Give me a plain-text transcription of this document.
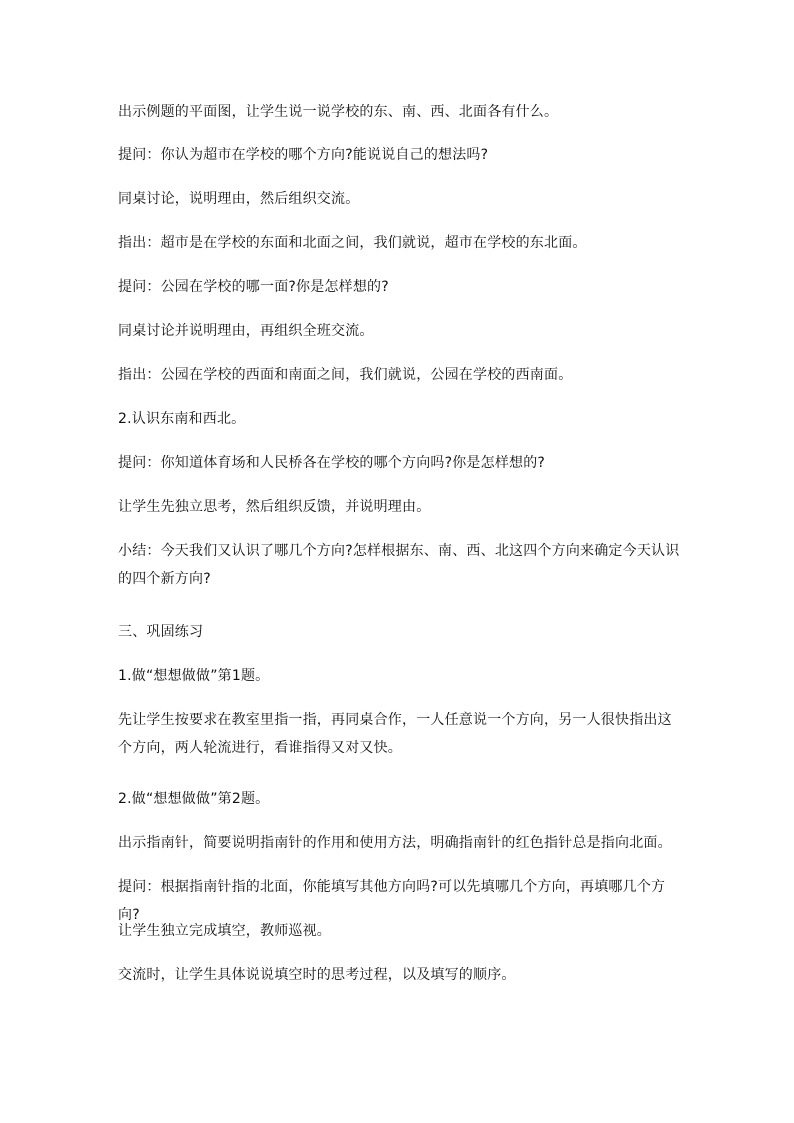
出示例题的平面图，让学生说一说学校的东、南、西、北面各有什么。

提问：你认为超市在学校的哪个方向?能说说自己的想法吗?

同桌讨论，说明理由，然后组织交流。

指出：超市是在学校的东面和北面之间，我们就说，超市在学校的东北面。

提问：公园在学校的哪一面?你是怎样想的?

同桌讨论并说明理由，再组织全班交流。

指出：公园在学校的西面和南面之间，我们就说，公园在学校的西南面。

2.认识东南和西北。

提问：你知道体育场和人民桥各在学校的哪个方向吗?你是怎样想的?

让学生先独立思考，然后组织反馈，并说明理由。

小结：今天我们又认识了哪几个方向?怎样根据东、南、西、北这四个方向来确定今天认识的四个新方向?

三、巩固练习

1.做“想想做做”第1题。

先让学生按要求在教室里指一指，再同桌合作，一人任意说一个方向，另一人很快指出这个方向，两人轮流进行，看谁指得又对又快。

2.做“想想做做”第2题。

出示指南针，简要说明指南针的作用和使用方法，明确指南针的红色指针总是指向北面。

提问：根据指南针指的北面，你能填写其他方向吗?可以先填哪几个方向，再填哪几个方向?

让学生独立完成填空，教师巡视。

交流时，让学生具体说说填空时的思考过程，以及填写的顺序。
